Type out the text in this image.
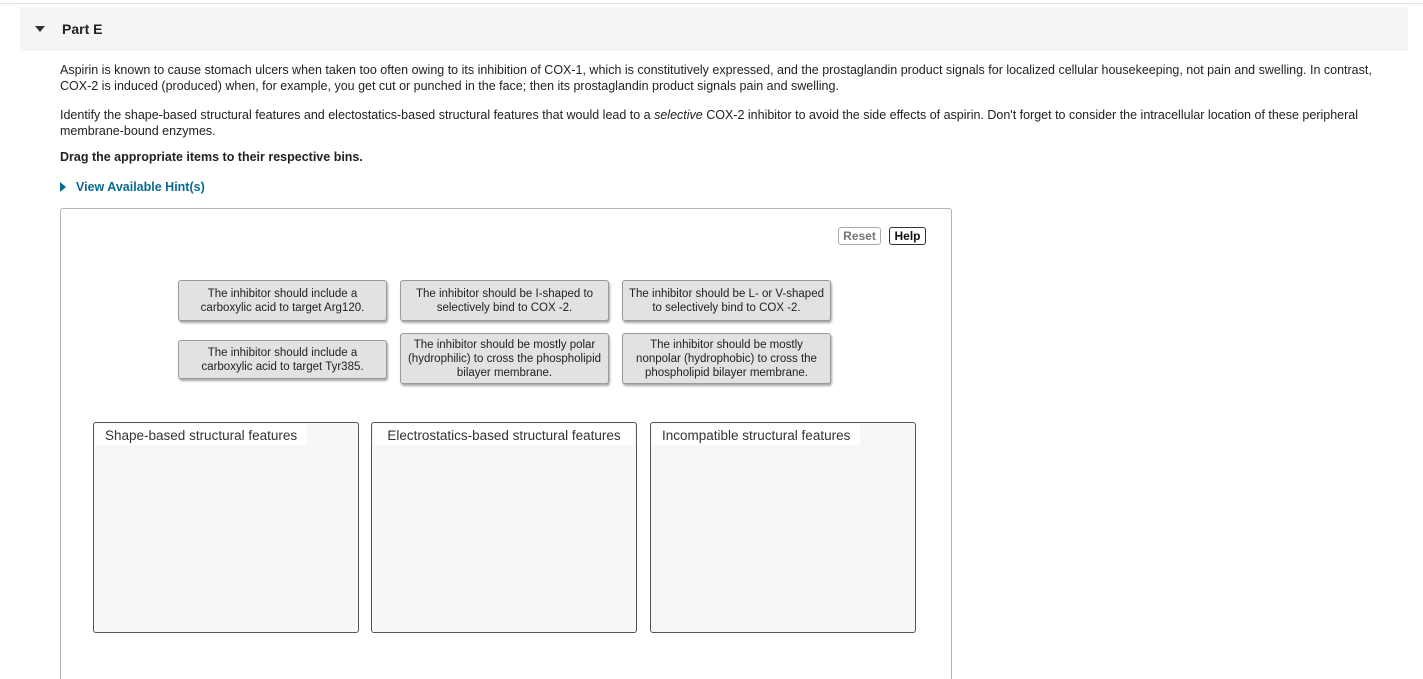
Part E
Aspirin is known to cause stomach ulcers when taken too often owing to its inhibition of COX-1, which is constitutively expressed, and the prostaglandin product signals for localized cellular housekeeping, not pain and swelling. In contrast, COX-2 is induced (produced) when, for example, you get cut or punched in the face; then its prostaglandin product signals pain and swelling.
Identify the shape-based structural features and electostatics-based structural features that would lead to a selective COX-2 inhibitor to avoid the side effects of aspirin. Don't forget to consider the intracellular location of these peripheral membrane-bound enzymes.
Drag the appropriate items to their respective bins.
View Available Hint(s)
Reset	Help
The inhibitor should include a carboxylic acid to target Arg120.
The inhibitor should be I-shaped to selectively bind to COX -2.
The inhibitor should be L- or V-shaped to selectively bind to COX -2.
The inhibitor should include a carboxylic acid to target Tyr385.
The inhibitor should be mostly polar (hydrophilic) to cross the phospholipid bilayer membrane.
The inhibitor should be mostly nonpolar (hydrophobic) to cross the phospholipid bilayer membrane.
Shape-based structural features	Electrostatics-based structural features	Incompatible structural features
